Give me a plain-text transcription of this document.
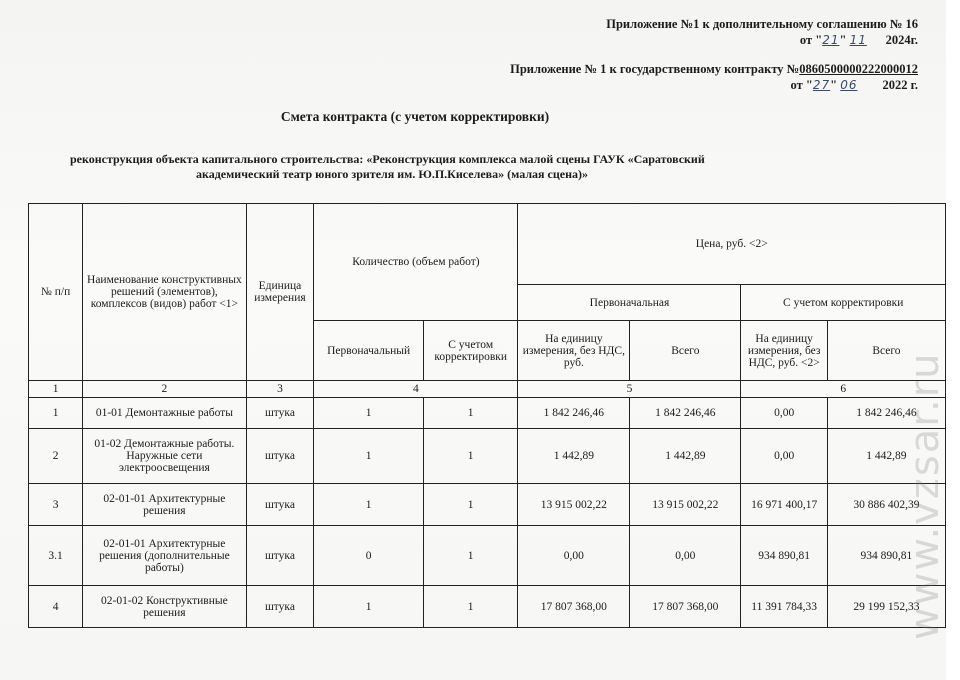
Приложение №1 к дополнительному соглашению № 16
от "21" 11 2024г.
Приложение № 1 к государственному контракту №0860500000222000012
от "27" 06 2022 г.
Смета контракта (с учетом корректировки)
реконструкция объекта капитального строительства: «Реконструкция комплекса малой сцены ГАУК «Саратовский
академический театр юного зрителя им. Ю.П.Киселева» (малая сцена)»
№ п/п	Наименование конструктивных решений (элементов), комплексов (видов) работ <1>	Единица измерения	Количество (объем работ)		Цена, руб. <2>			
					Первоначальная		С учетом корректировки	
			Первоначальный	С учетом корректировки	На единицу измерения, без НДС, руб.	Всего	На единицу измерения, без НДС, руб. <2>	Всего
1	2	3	4		5		6	
1	01-01 Демонтажные работы	штука	1	1	1 842 246,46	1 842 246,46	0,00	1 842 246,46
2	01-02 Демонтажные работы. Наружные сети электроосвещения	штука	1	1	1 442,89	1 442,89	0,00	1 442,89
3	02-01-01 Архитектурные решения	штука	1	1	13 915 002,22	13 915 002,22	16 971 400,17	30 886 402,39
3.1	02-01-01 Архитектурные решения (дополнительные работы)	штука	0	1	0,00	0,00	934 890,81	934 890,81
4	02-01-02 Конструктивные решения	штука	1	1	17 807 368,00	17 807 368,00	11 391 784,33	29 199 152,33
www.vzsar.ru
